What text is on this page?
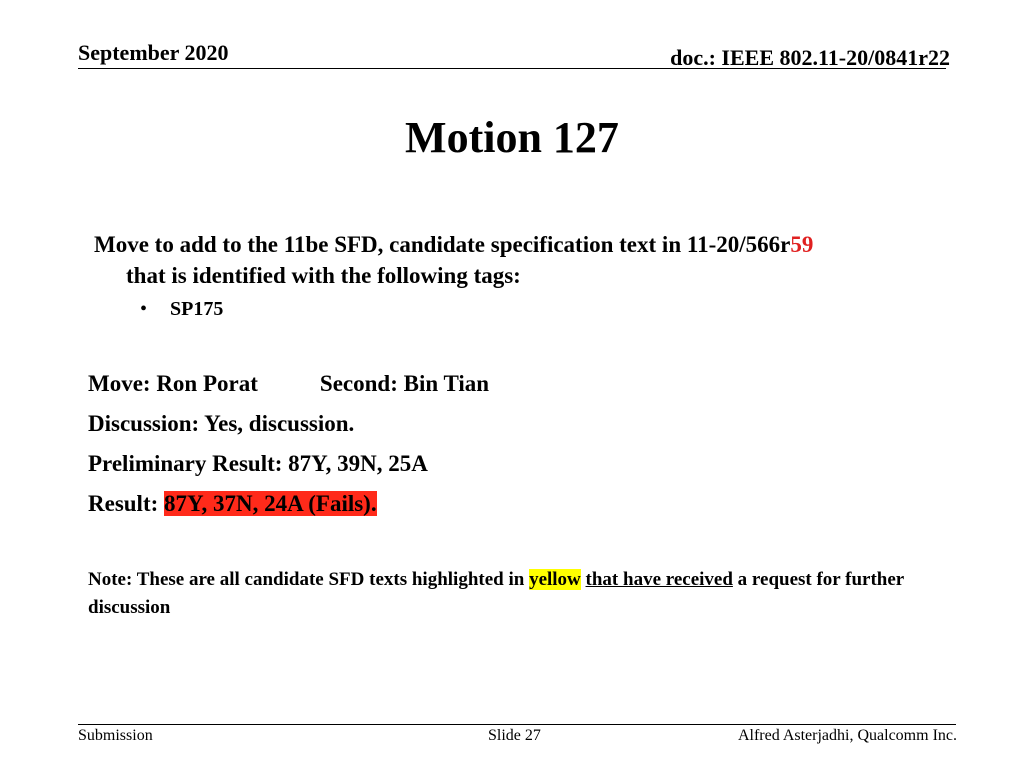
September 2020	doc.: IEEE 802.11-20/0841r22
Motion 127
Move to add to the 11be SFD, candidate specification text in 11-20/566r59
that is identified with the following tags:
• SP175
Move: Ron Porat	Second: Bin Tian
Discussion: Yes, discussion.
Preliminary Result: 87Y, 39N, 25A
Result: 87Y, 37N, 24A (Fails).
Note: These are all candidate SFD texts highlighted in yellow that have received a request for further discussion
Submission	Slide 27	Alfred Asterjadhi, Qualcomm Inc.
